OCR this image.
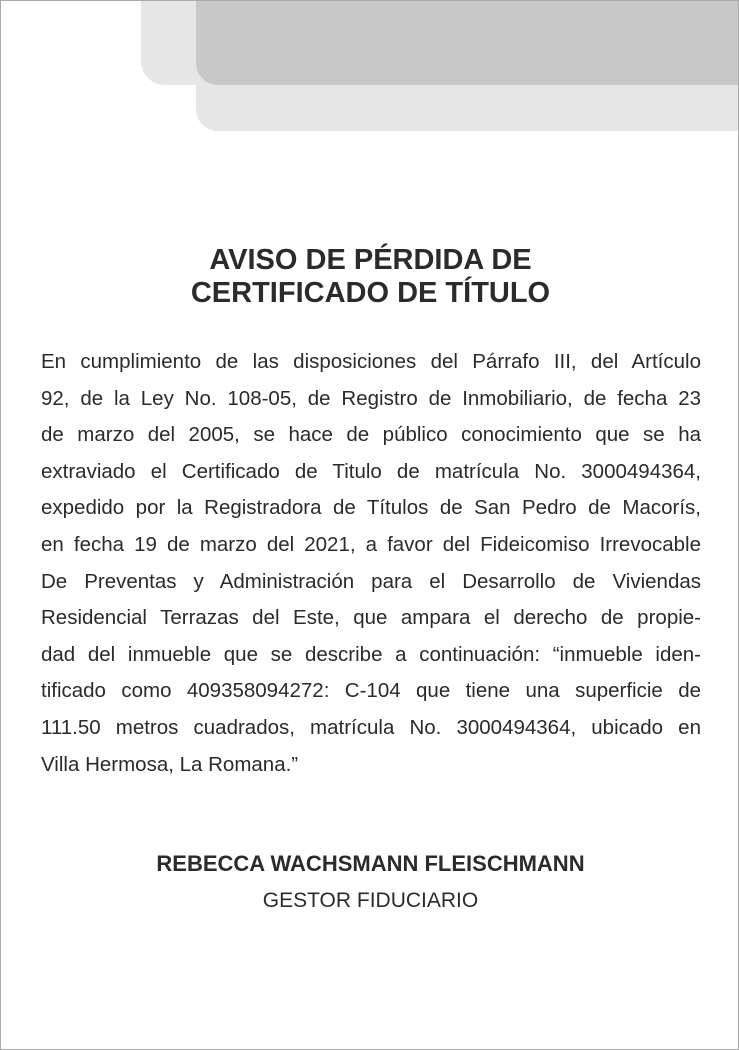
AVISO DE PÉRDIDA DE
CERTIFICADO DE TÍTULO
En cumplimiento de las disposiciones del Párrafo III, del Artículo
92, de la Ley No. 108-05, de Registro de Inmobiliario, de fecha 23
de marzo del 2005, se hace de público conocimiento que se ha
extraviado el Certificado de Titulo de matrícula No. 3000494364,
expedido por la Registradora de Títulos de San Pedro de Macorís,
en fecha 19 de marzo del 2021, a favor del Fideicomiso Irrevocable
De Preventas y Administración para el Desarrollo de Viviendas
Residencial Terrazas del Este, que ampara el derecho de propie-
dad del inmueble que se describe a continuación: “inmueble iden-
tificado como 409358094272: C-104 que tiene una superficie de
111.50 metros cuadrados, matrícula No. 3000494364, ubicado en
Villa Hermosa, La Romana.”
REBECCA WACHSMANN FLEISCHMANN
GESTOR FIDUCIARIO
